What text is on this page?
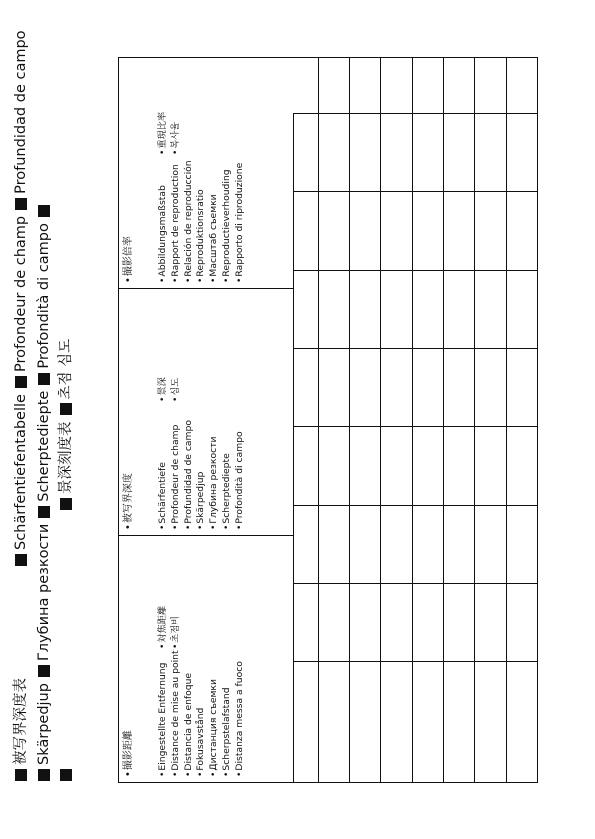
被写界深度表
Schärfentiefentabelle
Profondeur de champ
Profundidad de campo
Skärpedjup
Глубина резкости
Scherptediepte
Profondità di campo
景深刻度表
초점 심도
• 撮影距離	• Eingestellte Entfernung • Distance de mise au point • Distancia de enfoque • Fokusavstånd • Дистанция съемки • Scherpstelafstand • Distanza messa a fuoco
• 対焦距離 • 초점비
• 被写界深度	• Schärfentiefe • Profondeur de champ • Profundidad de campo • Skärpedjup • Глубина резкости • Scherptediepte • Profondità di campo
• 景深 • 심도
• 撮影倍率	• Abbildungsmaßstab • Rapport de reproduction • Relación de reproducción • Reproduktionsratio • Масштаб съемки • Reproductieverhouding • Rapporto di riproduzione
• 重現比率 • 복사율
